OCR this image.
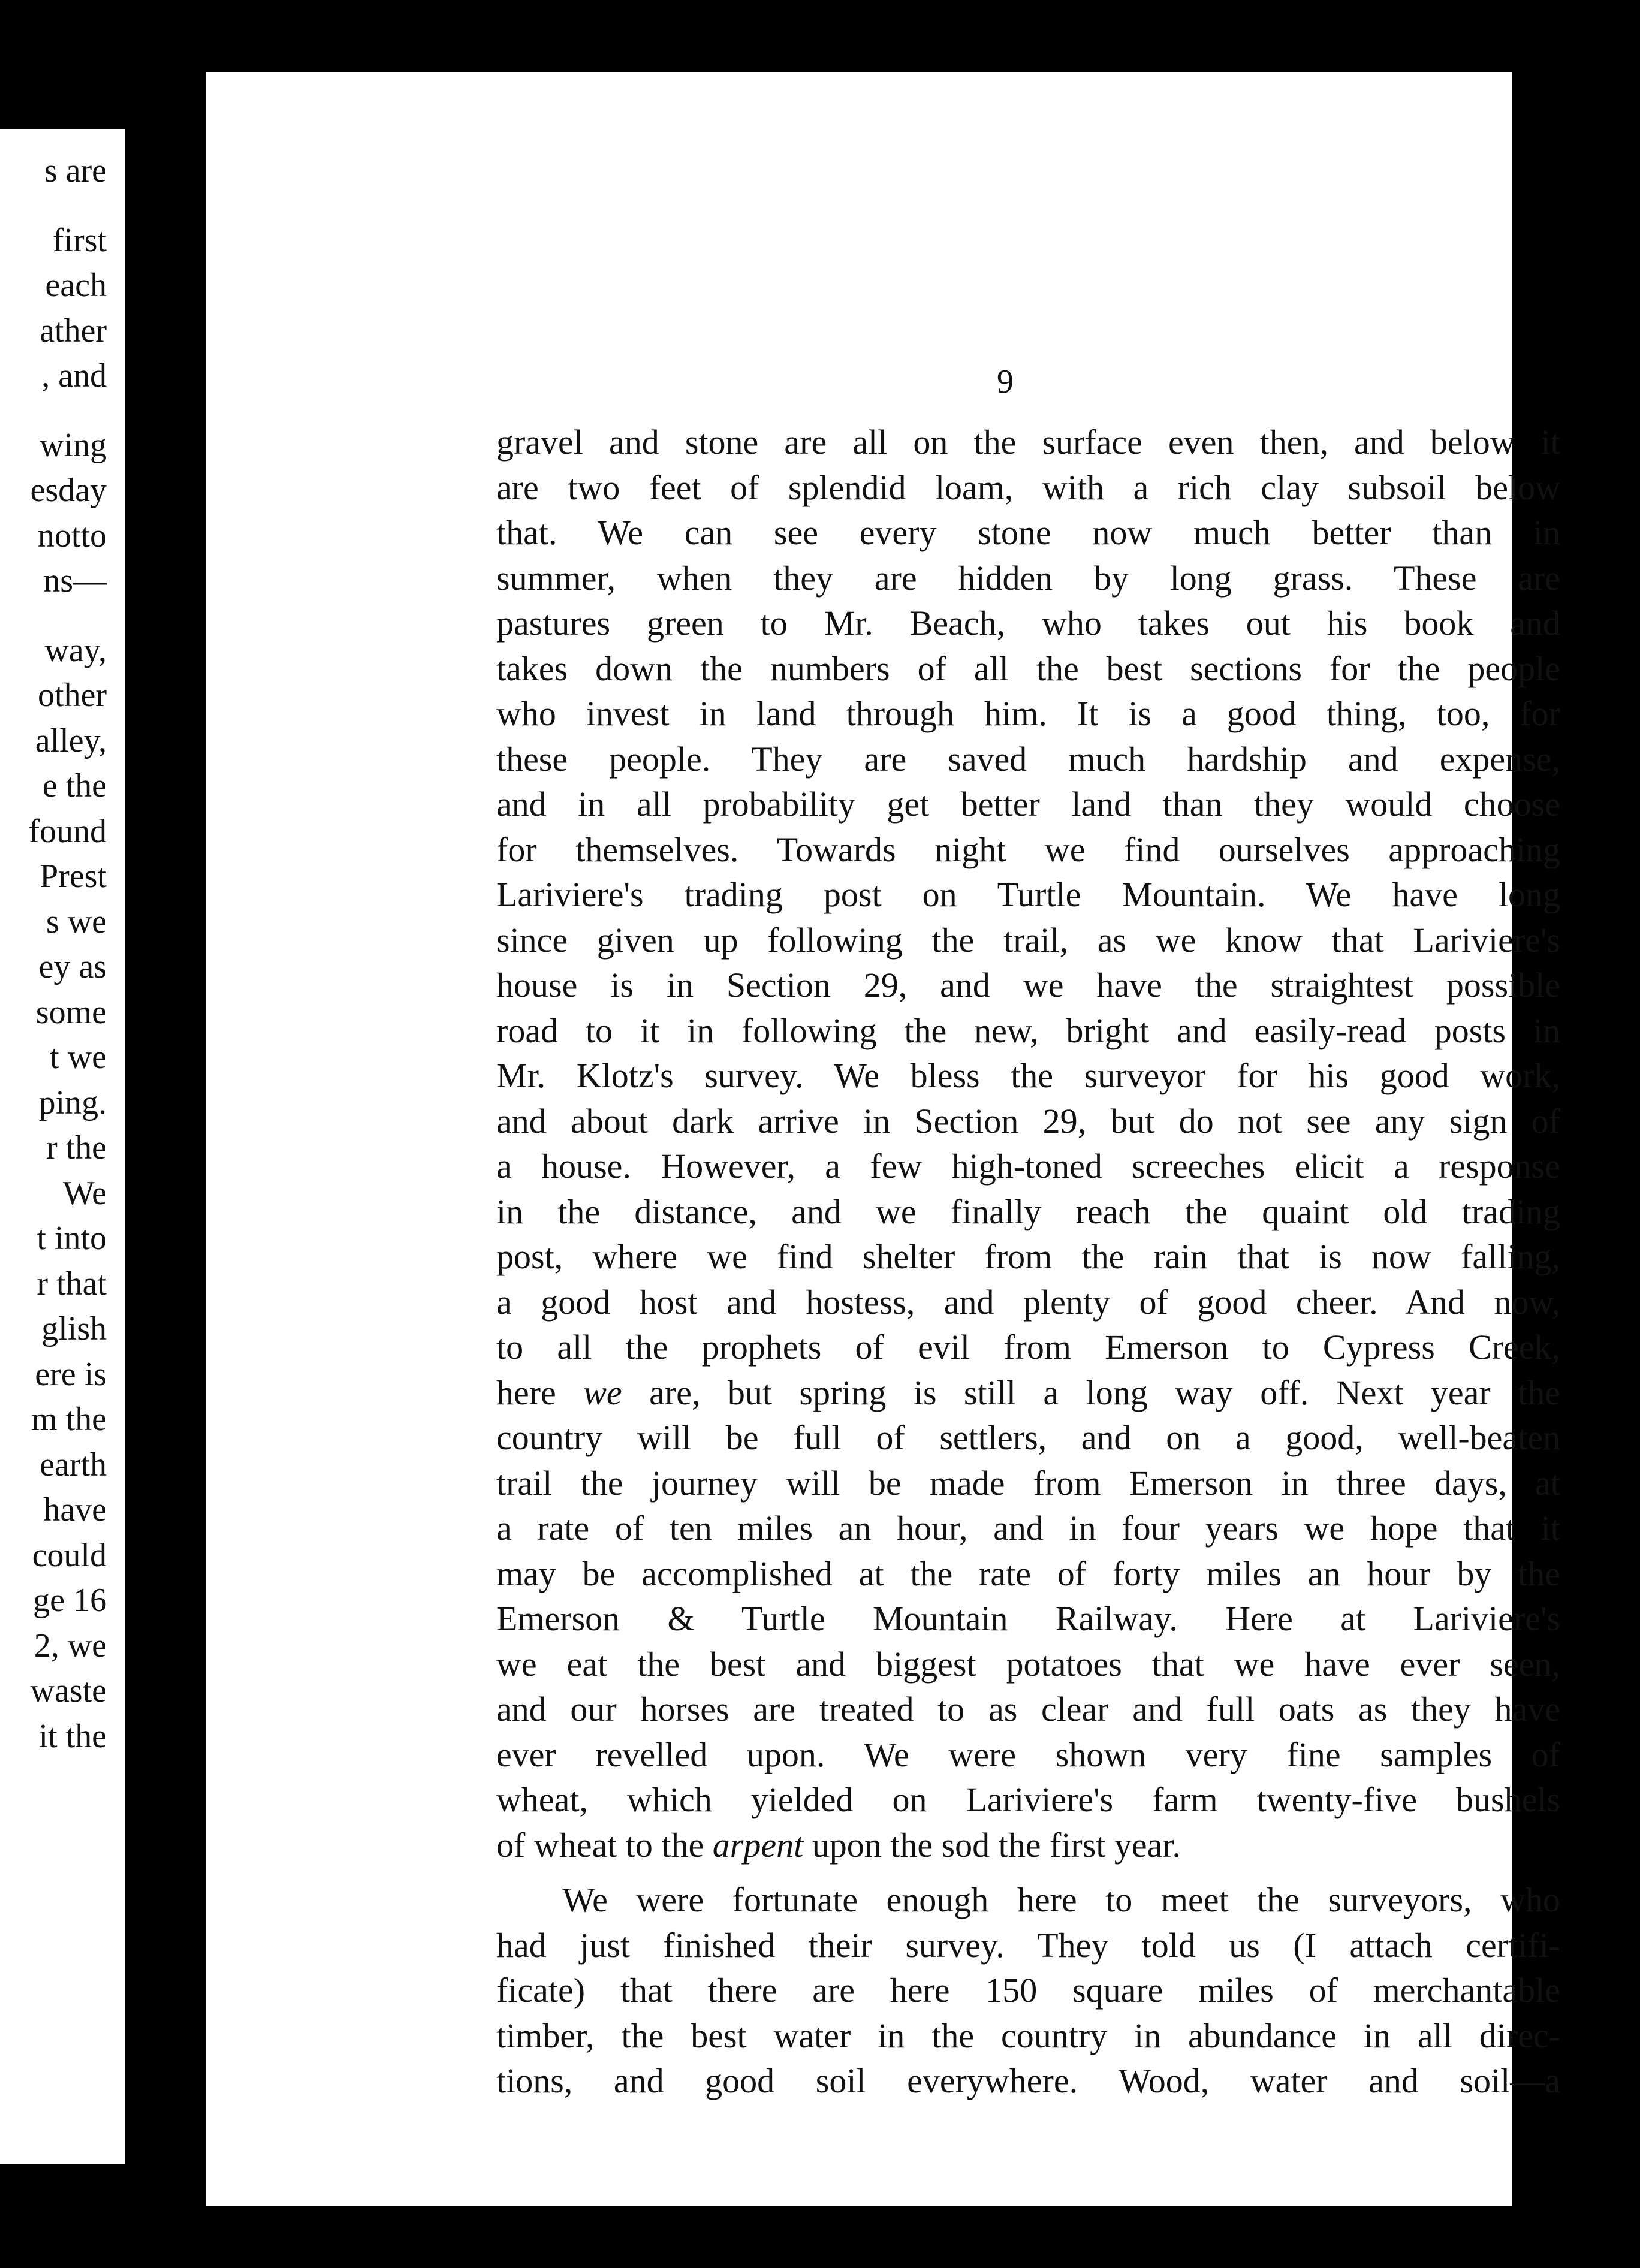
s are
first
each
ather
, and
wing
esday
notto
ns—
way,
other
alley,
e the
found
Prest
s we
ey as
some
t we
ping.
r the
We
t into
r that
glish
ere is
m the
earth
have
could
ge 16
2, we
waste
it the
9
gravel and stone are all on the surface even then, and below it
are two feet of splendid loam, with a rich clay subsoil below
that. We can see every stone now much better than in
summer, when they are hidden by long grass. These are
pastures green to Mr. Beach, who takes out his book and
takes down the numbers of all the best sections for the people
who invest in land through him. It is a good thing, too, for
these people. They are saved much hardship and expense,
and in all probability get better land than they would choose
for themselves. Towards night we find ourselves approaching
Lariviere's trading post on Turtle Mountain. We have long
since given up following the trail, as we know that Lariviere's
house is in Section 29, and we have the straightest possible
road to it in following the new, bright and easily-read posts in
Mr. Klotz's survey. We bless the surveyor for his good work,
and about dark arrive in Section 29, but do not see any sign of
a house. However, a few high-toned screeches elicit a response
in the distance, and we finally reach the quaint old trading
post, where we find shelter from the rain that is now falling,
a good host and hostess, and plenty of good cheer. And now,
to all the prophets of evil from Emerson to Cypress Creek,
here we are, but spring is still a long way off. Next year the
country will be full of settlers, and on a good, well-beaten
trail the journey will be made from Emerson in three days, at
a rate of ten miles an hour, and in four years we hope that it
may be accomplished at the rate of forty miles an hour by the
Emerson & Turtle Mountain Railway. Here at Lariviere's
we eat the best and biggest potatoes that we have ever seen,
and our horses are treated to as clear and full oats as they have
ever revelled upon. We were shown very fine samples of
wheat, which yielded on Lariviere's farm twenty-five bushels
of wheat to the arpent upon the sod the first year.
We were fortunate enough here to meet the surveyors, who
had just finished their survey. They told us (I attach certifi-
ficate) that there are here 150 square miles of merchantable
timber, the best water in the country in abundance in all direc-
tions, and good soil everywhere. Wood, water and soil—a
